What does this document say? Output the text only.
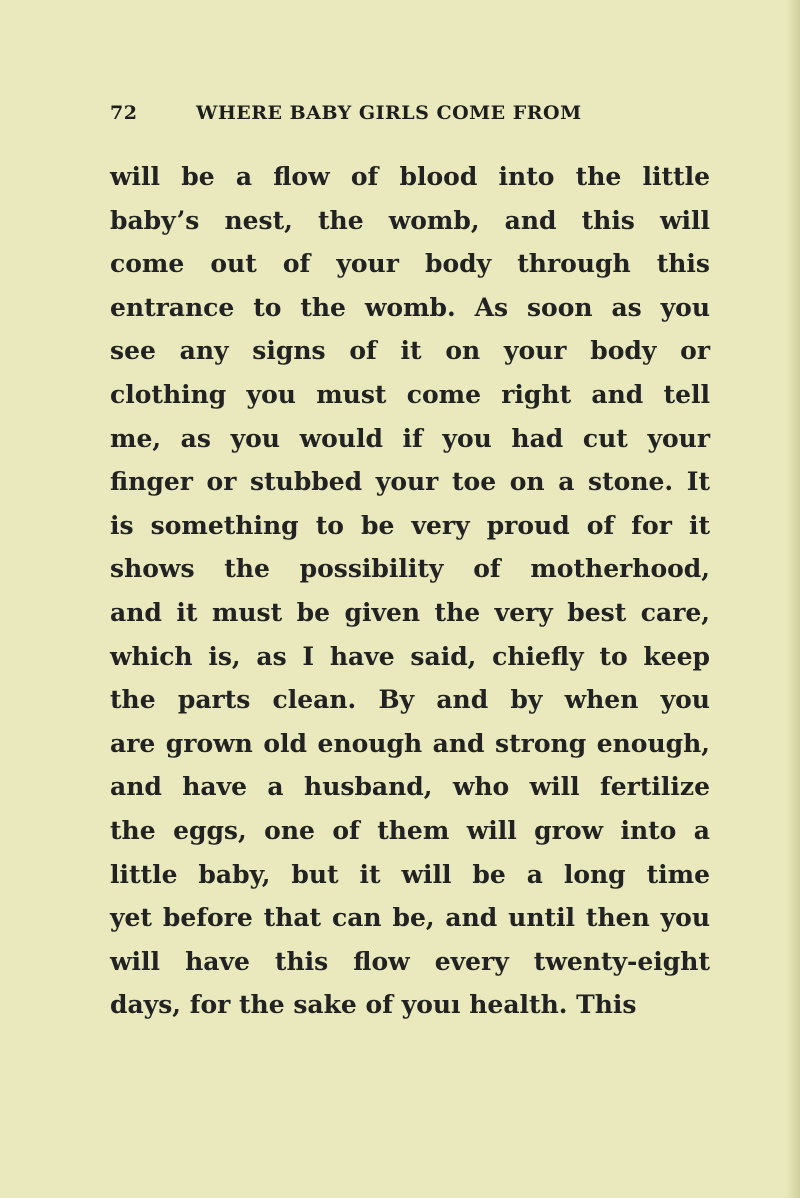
72	WHERE BABY GIRLS COME FROM
will be a flow of blood into the little
baby’s nest, the womb, and this will
come out of your body through this
entrance to the womb. As soon as you
see any signs of it on your body or
clothing you must come right and tell
me, as you would if you had cut your
finger or stubbed your toe on a stone. It
is something to be very proud of for it
shows the possibility of motherhood,
and it must be given the very best care,
which is, as I have said, chiefly to keep
the parts clean. By and by when you
are grown old enough and strong enough,
and have a husband, who will fertilize
the eggs, one of them will grow into a
little baby, but it will be a long time
yet before that can be, and until then you
will have this flow every twenty-eight
days, for the sake of youı health. This
